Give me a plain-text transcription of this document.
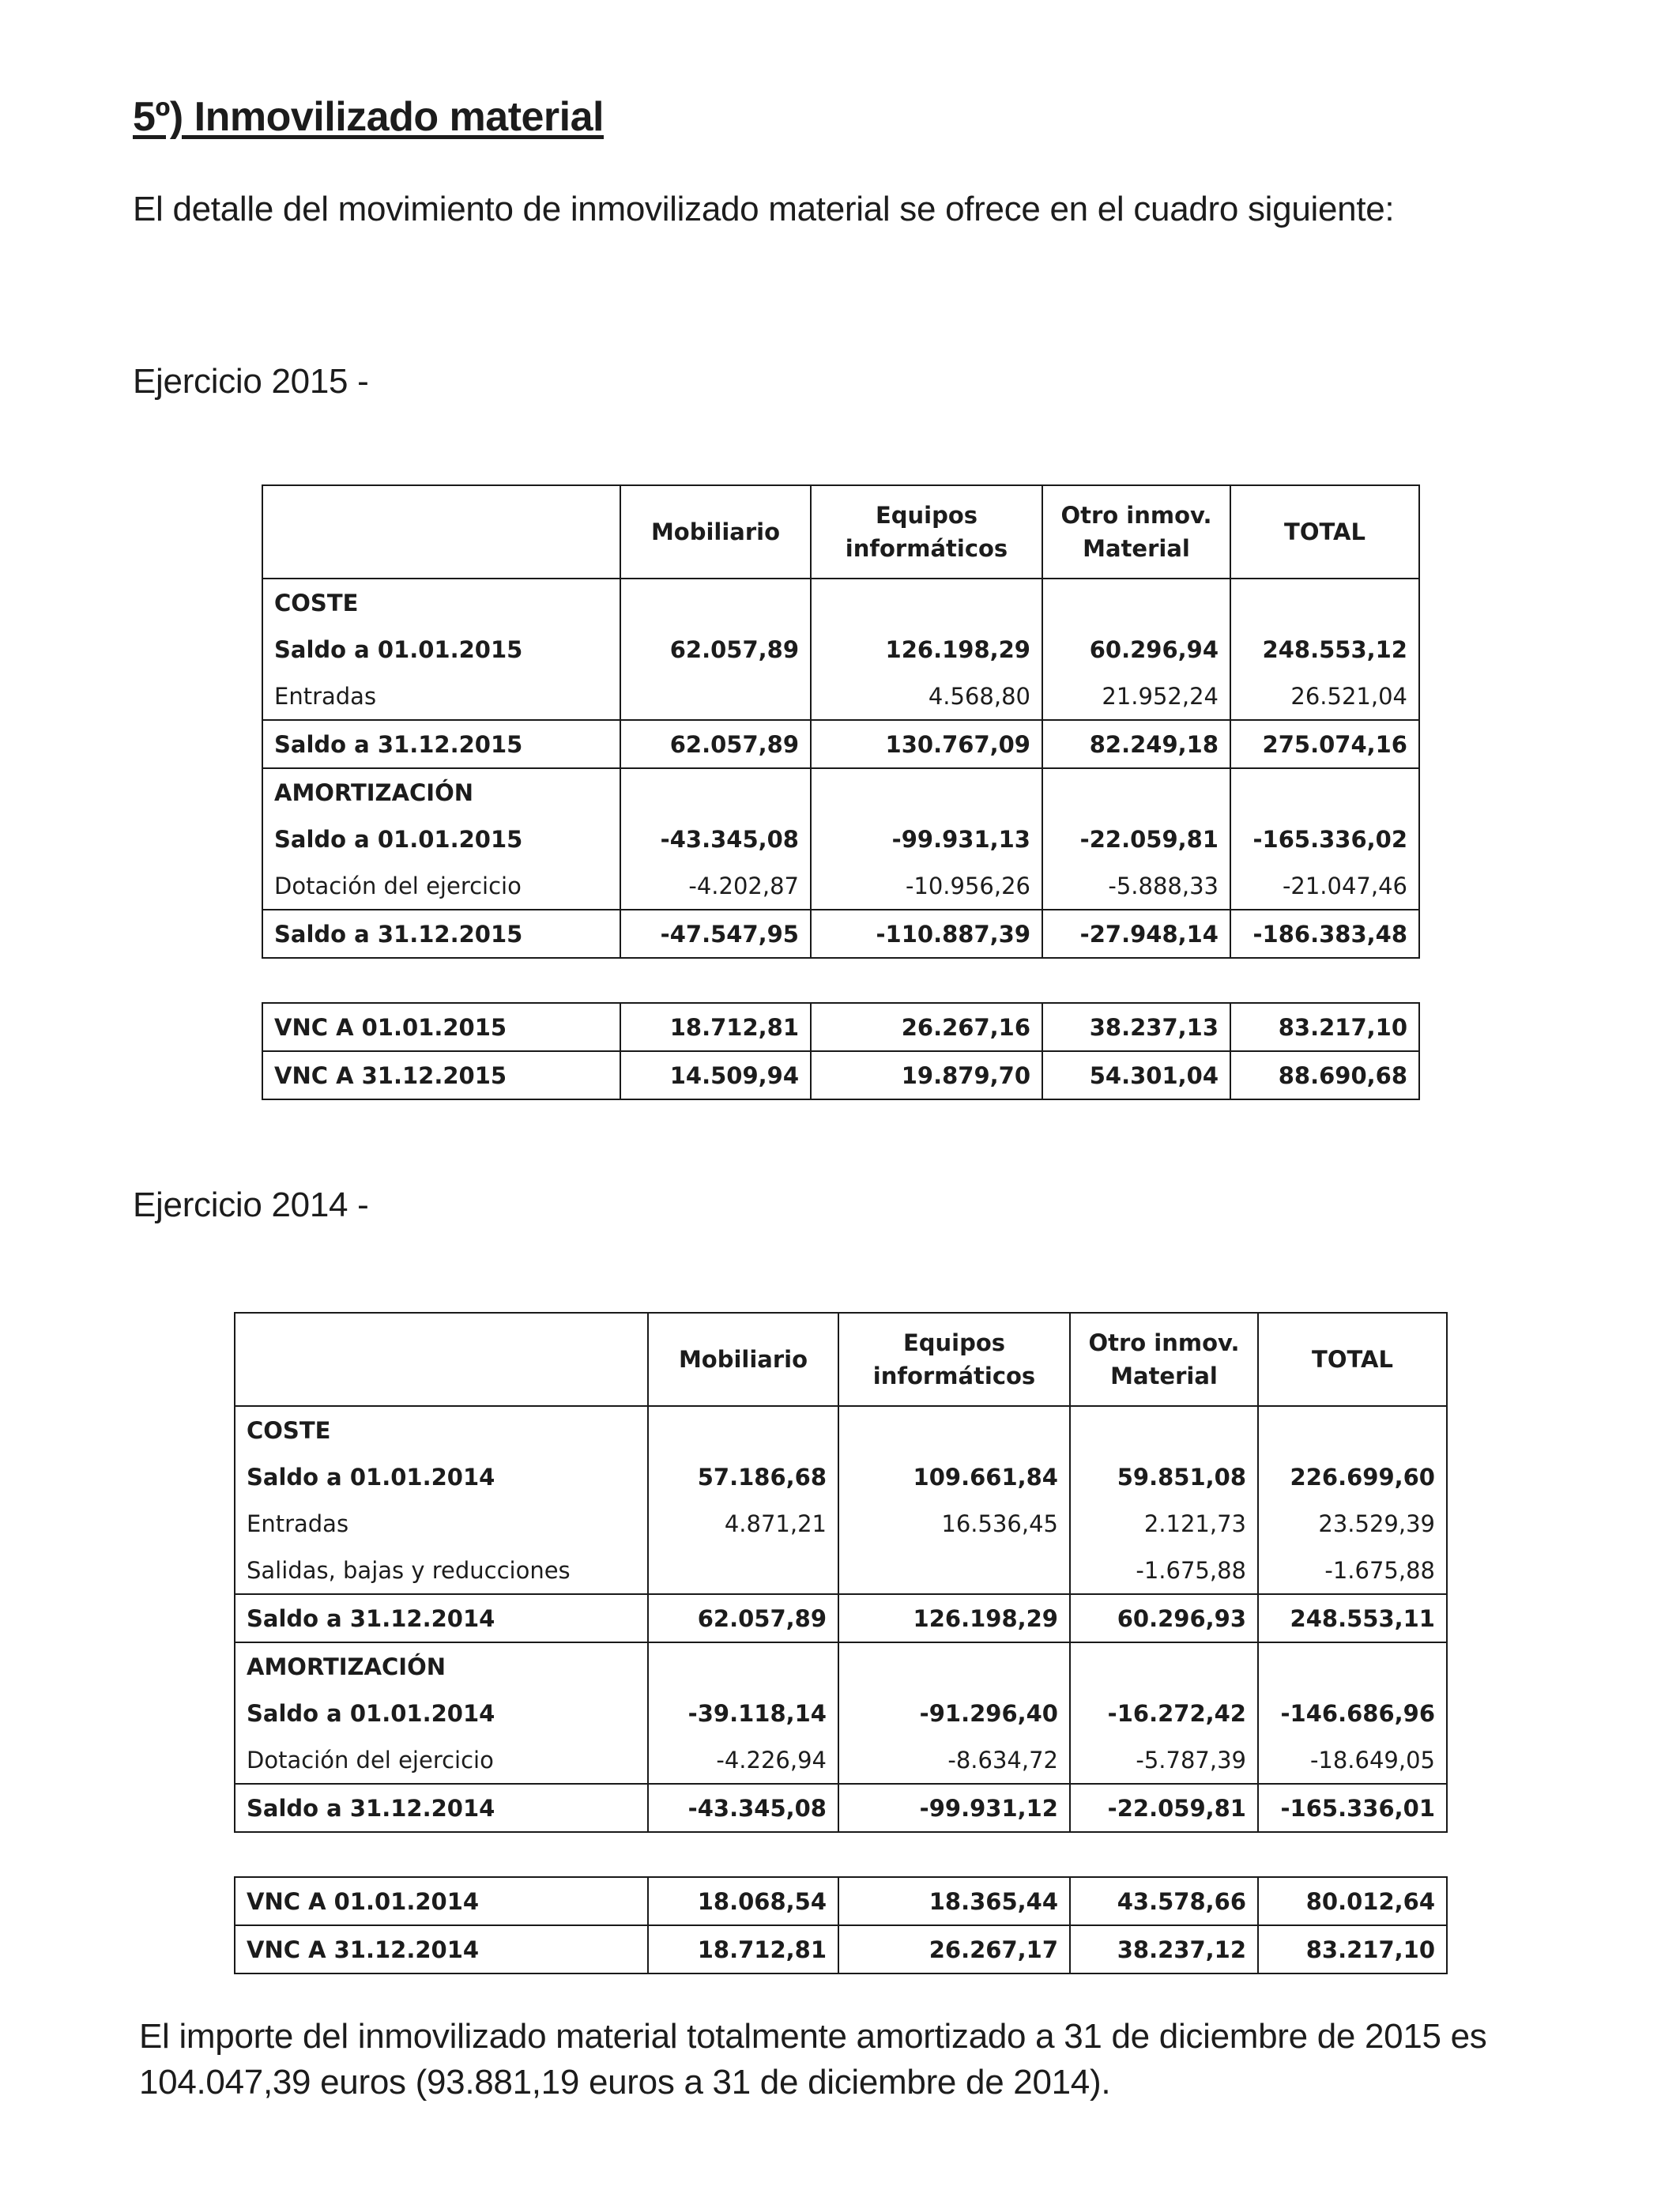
5º) Inmovilizado material
El detalle del movimiento de inmovilizado material se ofrece en el cuadro siguiente:
Ejercicio 2015 -
	Mobiliario	Equipos informáticos	Otro inmov. Material	TOTAL
COSTE				
Saldo a 01.01.2015	62.057,89	126.198,29	60.296,94	248.553,12
Entradas		4.568,80	21.952,24	26.521,04
Saldo a 31.12.2015	62.057,89	130.767,09	82.249,18	275.074,16
AMORTIZACIÓN				
Saldo a 01.01.2015	-43.345,08	-99.931,13	-22.059,81	-165.336,02
Dotación del ejercicio	-4.202,87	-10.956,26	-5.888,33	-21.047,46
Saldo a 31.12.2015	-47.547,95	-110.887,39	-27.948,14	-186.383,48
VNC A 01.01.2015	18.712,81	26.267,16	38.237,13	83.217,10
VNC A 31.12.2015	14.509,94	19.879,70	54.301,04	88.690,68
Ejercicio 2014 -
	Mobiliario	Equipos informáticos	Otro inmov. Material	TOTAL
COSTE				
Saldo a 01.01.2014	57.186,68	109.661,84	59.851,08	226.699,60
Entradas	4.871,21	16.536,45	2.121,73	23.529,39
Salidas, bajas y reducciones			-1.675,88	-1.675,88
Saldo a 31.12.2014	62.057,89	126.198,29	60.296,93	248.553,11
AMORTIZACIÓN				
Saldo a 01.01.2014	-39.118,14	-91.296,40	-16.272,42	-146.686,96
Dotación del ejercicio	-4.226,94	-8.634,72	-5.787,39	-18.649,05
Saldo a 31.12.2014	-43.345,08	-99.931,12	-22.059,81	-165.336,01
VNC A 01.01.2014	18.068,54	18.365,44	43.578,66	80.012,64
VNC A 31.12.2014	18.712,81	26.267,17	38.237,12	83.217,10
El importe del inmovilizado material totalmente amortizado a 31 de diciembre de 2015 es 104.047,39 euros (93.881,19 euros a 31 de diciembre de 2014).
